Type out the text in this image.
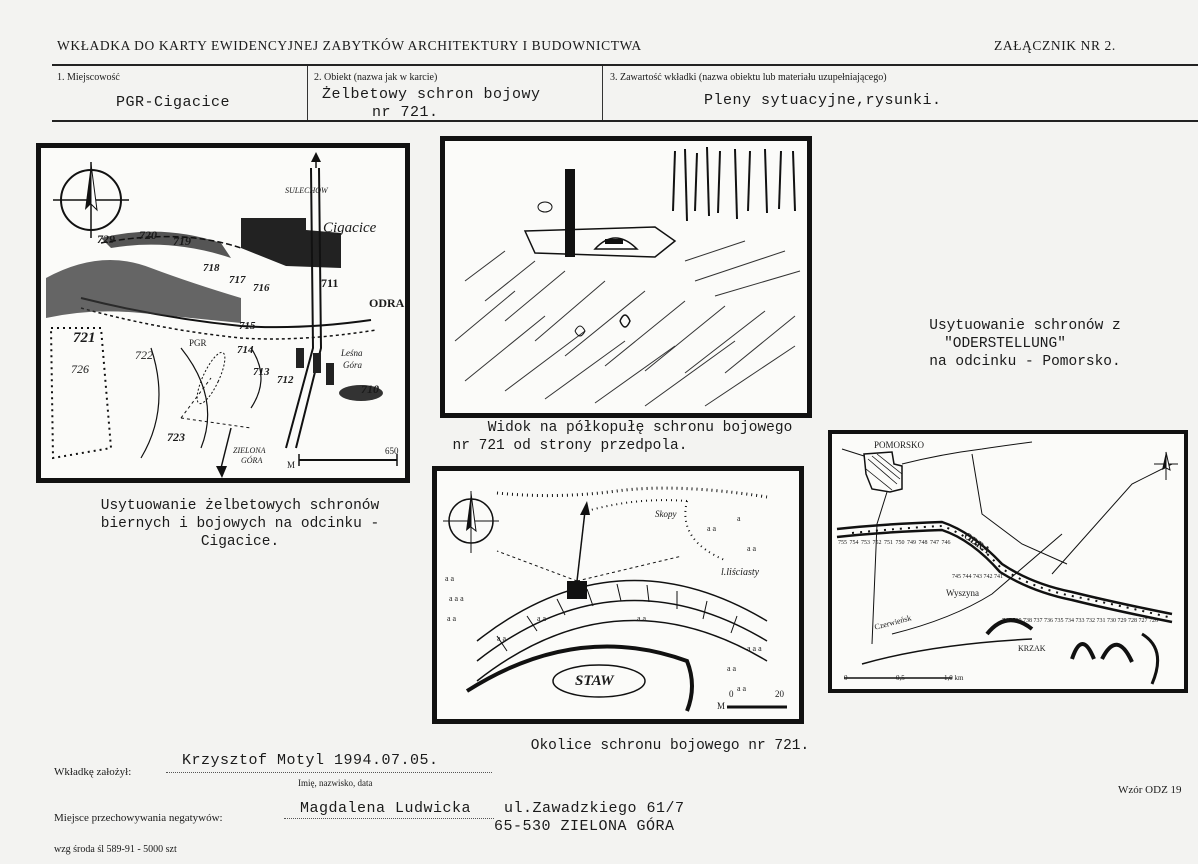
WKŁADKA DO KARTY EWIDENCYJNEJ ZABYTKÓW ARCHITEKTURY I BUDOWNICTWA	ZAŁĄCZNIK NR 2.
1. Miejscowość
PGR-Cigacice
2. Obiekt (nazwa jak w karcie)
Żelbetowy schron bojowy
nr 721.
3. Zawartość wkładki (nazwa obiektu lub materiału uzupełniającego)
Pleny sytuacyjne,rysunki.
SULECHÓW
Cigacice
ODRA
PGR
Leśna
Góra
ZIELONA
GÓRA	M
650
729 720 719
718
717
716
715
714
713
712
711
710
721
722
723
726
Usytuowanie żelbetowych schronów
biernych i bojowych na odcinku -
Cigacice.
Widok na półkopułę schronu bojowego
nr 721 od strony przedpola.
a a
a a a
a a
a a
a
a a
a a
a a a
a a
a a
a a	a a
Skopy
l.liściasty
STAW
M
0	20
Okolice schronu bojowego nr 721.
Usytuowanie schronów z
"ODERSTELLUNG"
na odcinku - Pomorsko.
POMORSKO
ODRA
Wyszyna
Czerwieńsk
KRZAK
0	0,5	1,0 km
755 754 753 752 751 750 749 748 747 746
745 744 743 742 741
740 739 738 737 736 735 734 733 732 731 730 729 728 727 726
Wkładkę założył:
Krzysztof Motyl 1994.07.05.
Imię, nazwisko, data
Miejsce przechowywania negatywów:
Magdalena Ludwicka ul.Zawadzkiego 61/7
65-530 ZIELONA GÓRA
Wzór ODZ 19
wzg środa śl 589-91 - 5000 szt
